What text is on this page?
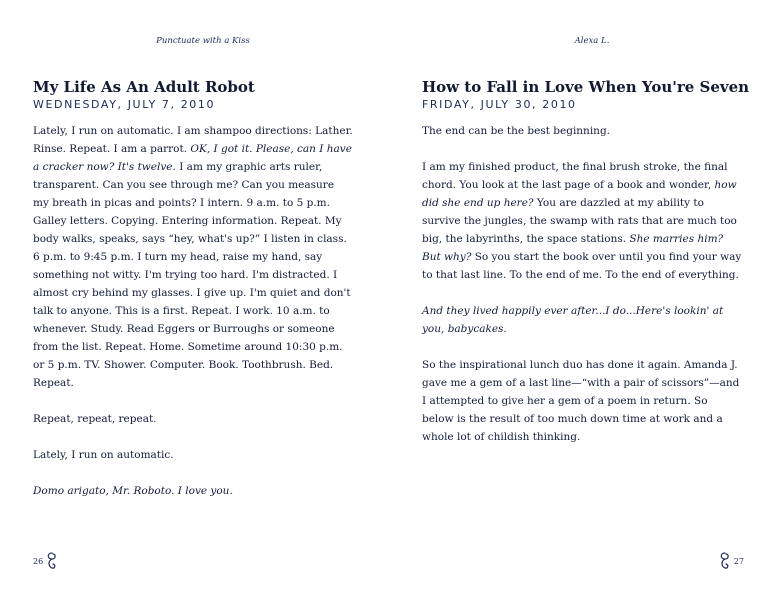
Punctuate with a Kiss
My Life As An Adult Robot
WEDNESDAY, JULY 7, 2010

Lately, I run on automatic. I am shampoo directions: Lather. Rinse. Repeat. I am a parrot. OK, I got it. Please, can I have a cracker now? It's twelve. I am my graphic arts ruler, transparent. Can you see through me? Can you measure my breath in picas and points? I intern. 9 a.m. to 5 p.m. Galley letters. Copying. Entering information. Repeat. My body walks, speaks, says “hey, what's up?” I listen in class. 6 p.m. to 9:45 p.m. I turn my head, raise my hand, say something not witty. I'm trying too hard. I'm distracted. I almost cry behind my glasses. I give up. I'm quiet and don't talk to anyone. This is a first. Repeat. I work. 10 a.m. to whenever. Study. Read Eggers or Burroughs or someone from the list. Repeat. Home. Sometime around 10:30 p.m. or 5 p.m. TV. Shower. Computer. Book. Toothbrush. Bed. Repeat.

Repeat, repeat, repeat.

Lately, I run on automatic.

Domo arigato, Mr. Roboto. I love you.

26
Alexa L.
How to Fall in Love When You're Seven
FRIDAY, JULY 30, 2010

The end can be the best beginning.

I am my finished product, the final brush stroke, the final chord. You look at the last page of a book and wonder, how did she end up here? You are dazzled at my ability to survive the jungles, the swamp with rats that are much too big, the labyrinths, the space stations. She marries him? But why? So you start the book over until you find your way to that last line. To the end of me. To the end of everything.

And they lived happily ever after...I do...Here's lookin' at you, babycakes.

So the inspirational lunch duo has done it again. Amanda J. gave me a gem of a last line—“with a pair of scissors”—and I attempted to give her a gem of a poem in return. So below is the result of too much down time at work and a whole lot of childish thinking.

27
